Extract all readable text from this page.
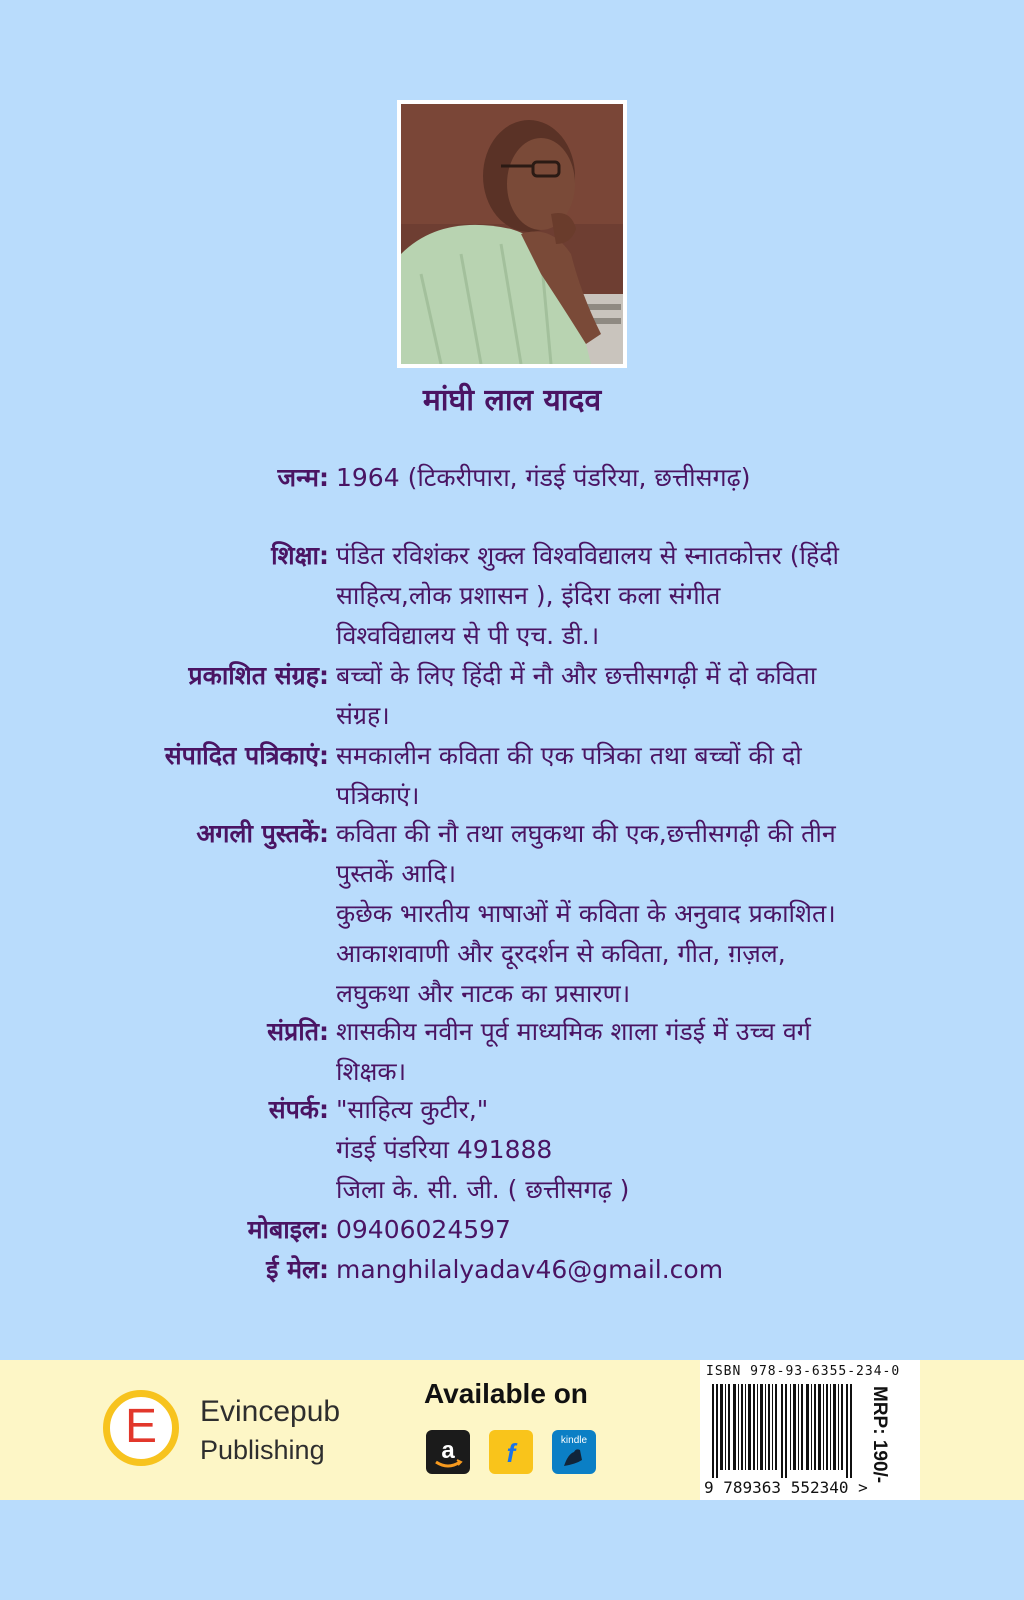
मांघी लाल यादव
जन्म: 1964 (टिकरीपारा, गंडई पंडरिया, छत्तीसगढ़)
शिक्षा: पंडित रविशंकर शुक्ल विश्वविद्यालय से स्नातकोत्तर (हिंदी
साहित्य,लोक प्रशासन ), इंदिरा कला संगीत
विश्वविद्यालय से पी एच. डी.।
प्रकाशित संग्रह: बच्चों के लिए हिंदी में नौ और छत्तीसगढ़ी में दो कविता
संग्रह।
संपादित पत्रिकाएं: समकालीन कविता की एक पत्रिका तथा बच्चों की दो
पत्रिकाएं।
अगली पुस्तकें: कविता की नौ तथा लघुकथा की एक,छत्तीसगढ़ी की तीन
पुस्तकें आदि।
कुछेक भारतीय भाषाओं में कविता के अनुवाद प्रकाशित।
आकाशवाणी और दूरदर्शन से कविता, गीत, ग़ज़ल,
लघुकथा और नाटक का प्रसारण।
संप्रति: शासकीय नवीन पूर्व माध्यमिक शाला गंडई में उच्च वर्ग
शिक्षक।
संपर्क: "साहित्य कुटीर,"
गंडई पंडरिया 491888
जिला के. सी. जी. ( छत्तीसगढ़ )
मोबाइल: 09406024597
ई मेल: manghilalyadav46@gmail.com
E	Evincepub
Publishing
Available on
a f	kindle
ISBN 978-93-6355-234-0
9 789363 552340 >
MRP: 190/-
